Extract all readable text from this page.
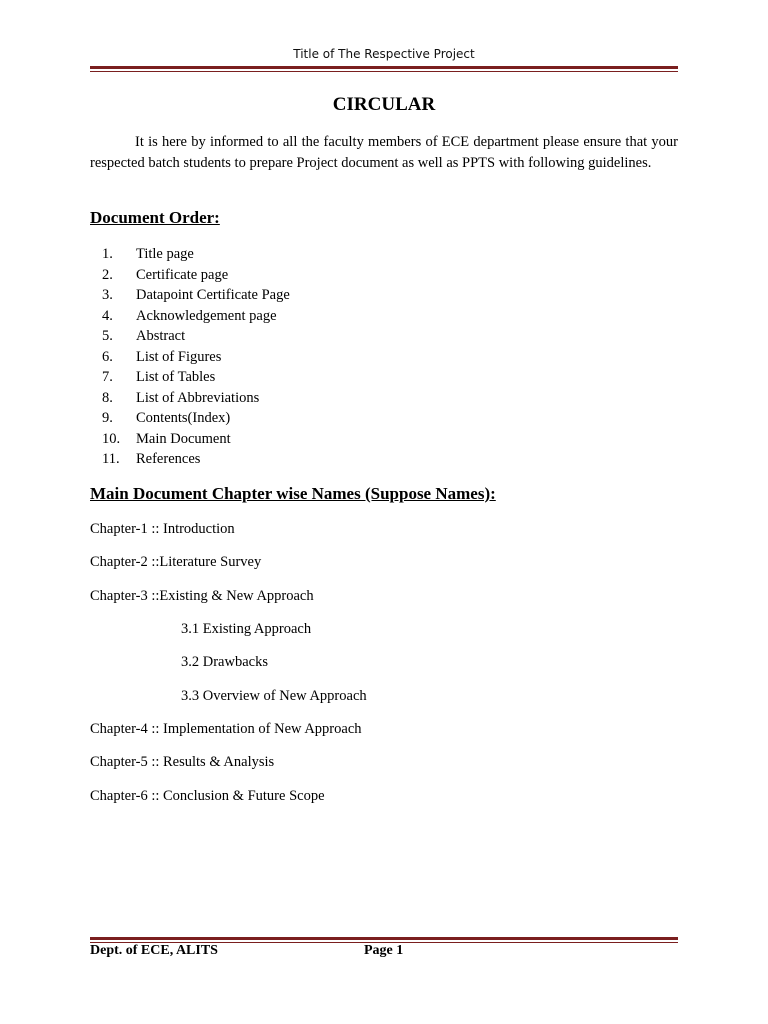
Title of The Respective Project
CIRCULAR

It is here by informed to all the faculty members of ECE department please ensure that your respected batch students to prepare Project document as well as PPTS with following guidelines.

Document Order:
1.	Title page
2.	Certificate page
3.	Datapoint Certificate Page
4.	Acknowledgement page
5.	Abstract
6.	List of Figures
7.	List of Tables
8.	List of Abbreviations
9.	Contents(Index)
10.	Main Document
11.	References
Main Document Chapter wise Names (Suppose Names):
Chapter-1 :: Introduction
Chapter-2 ::Literature Survey
Chapter-3 ::Existing & New Approach
3.1 Existing Approach
3.2 Drawbacks
3.3 Overview of New Approach
Chapter-4 :: Implementation of New Approach
Chapter-5 :: Results & Analysis
Chapter-6 :: Conclusion & Future Scope
Dept. of ECE, ALITS	Page 1
